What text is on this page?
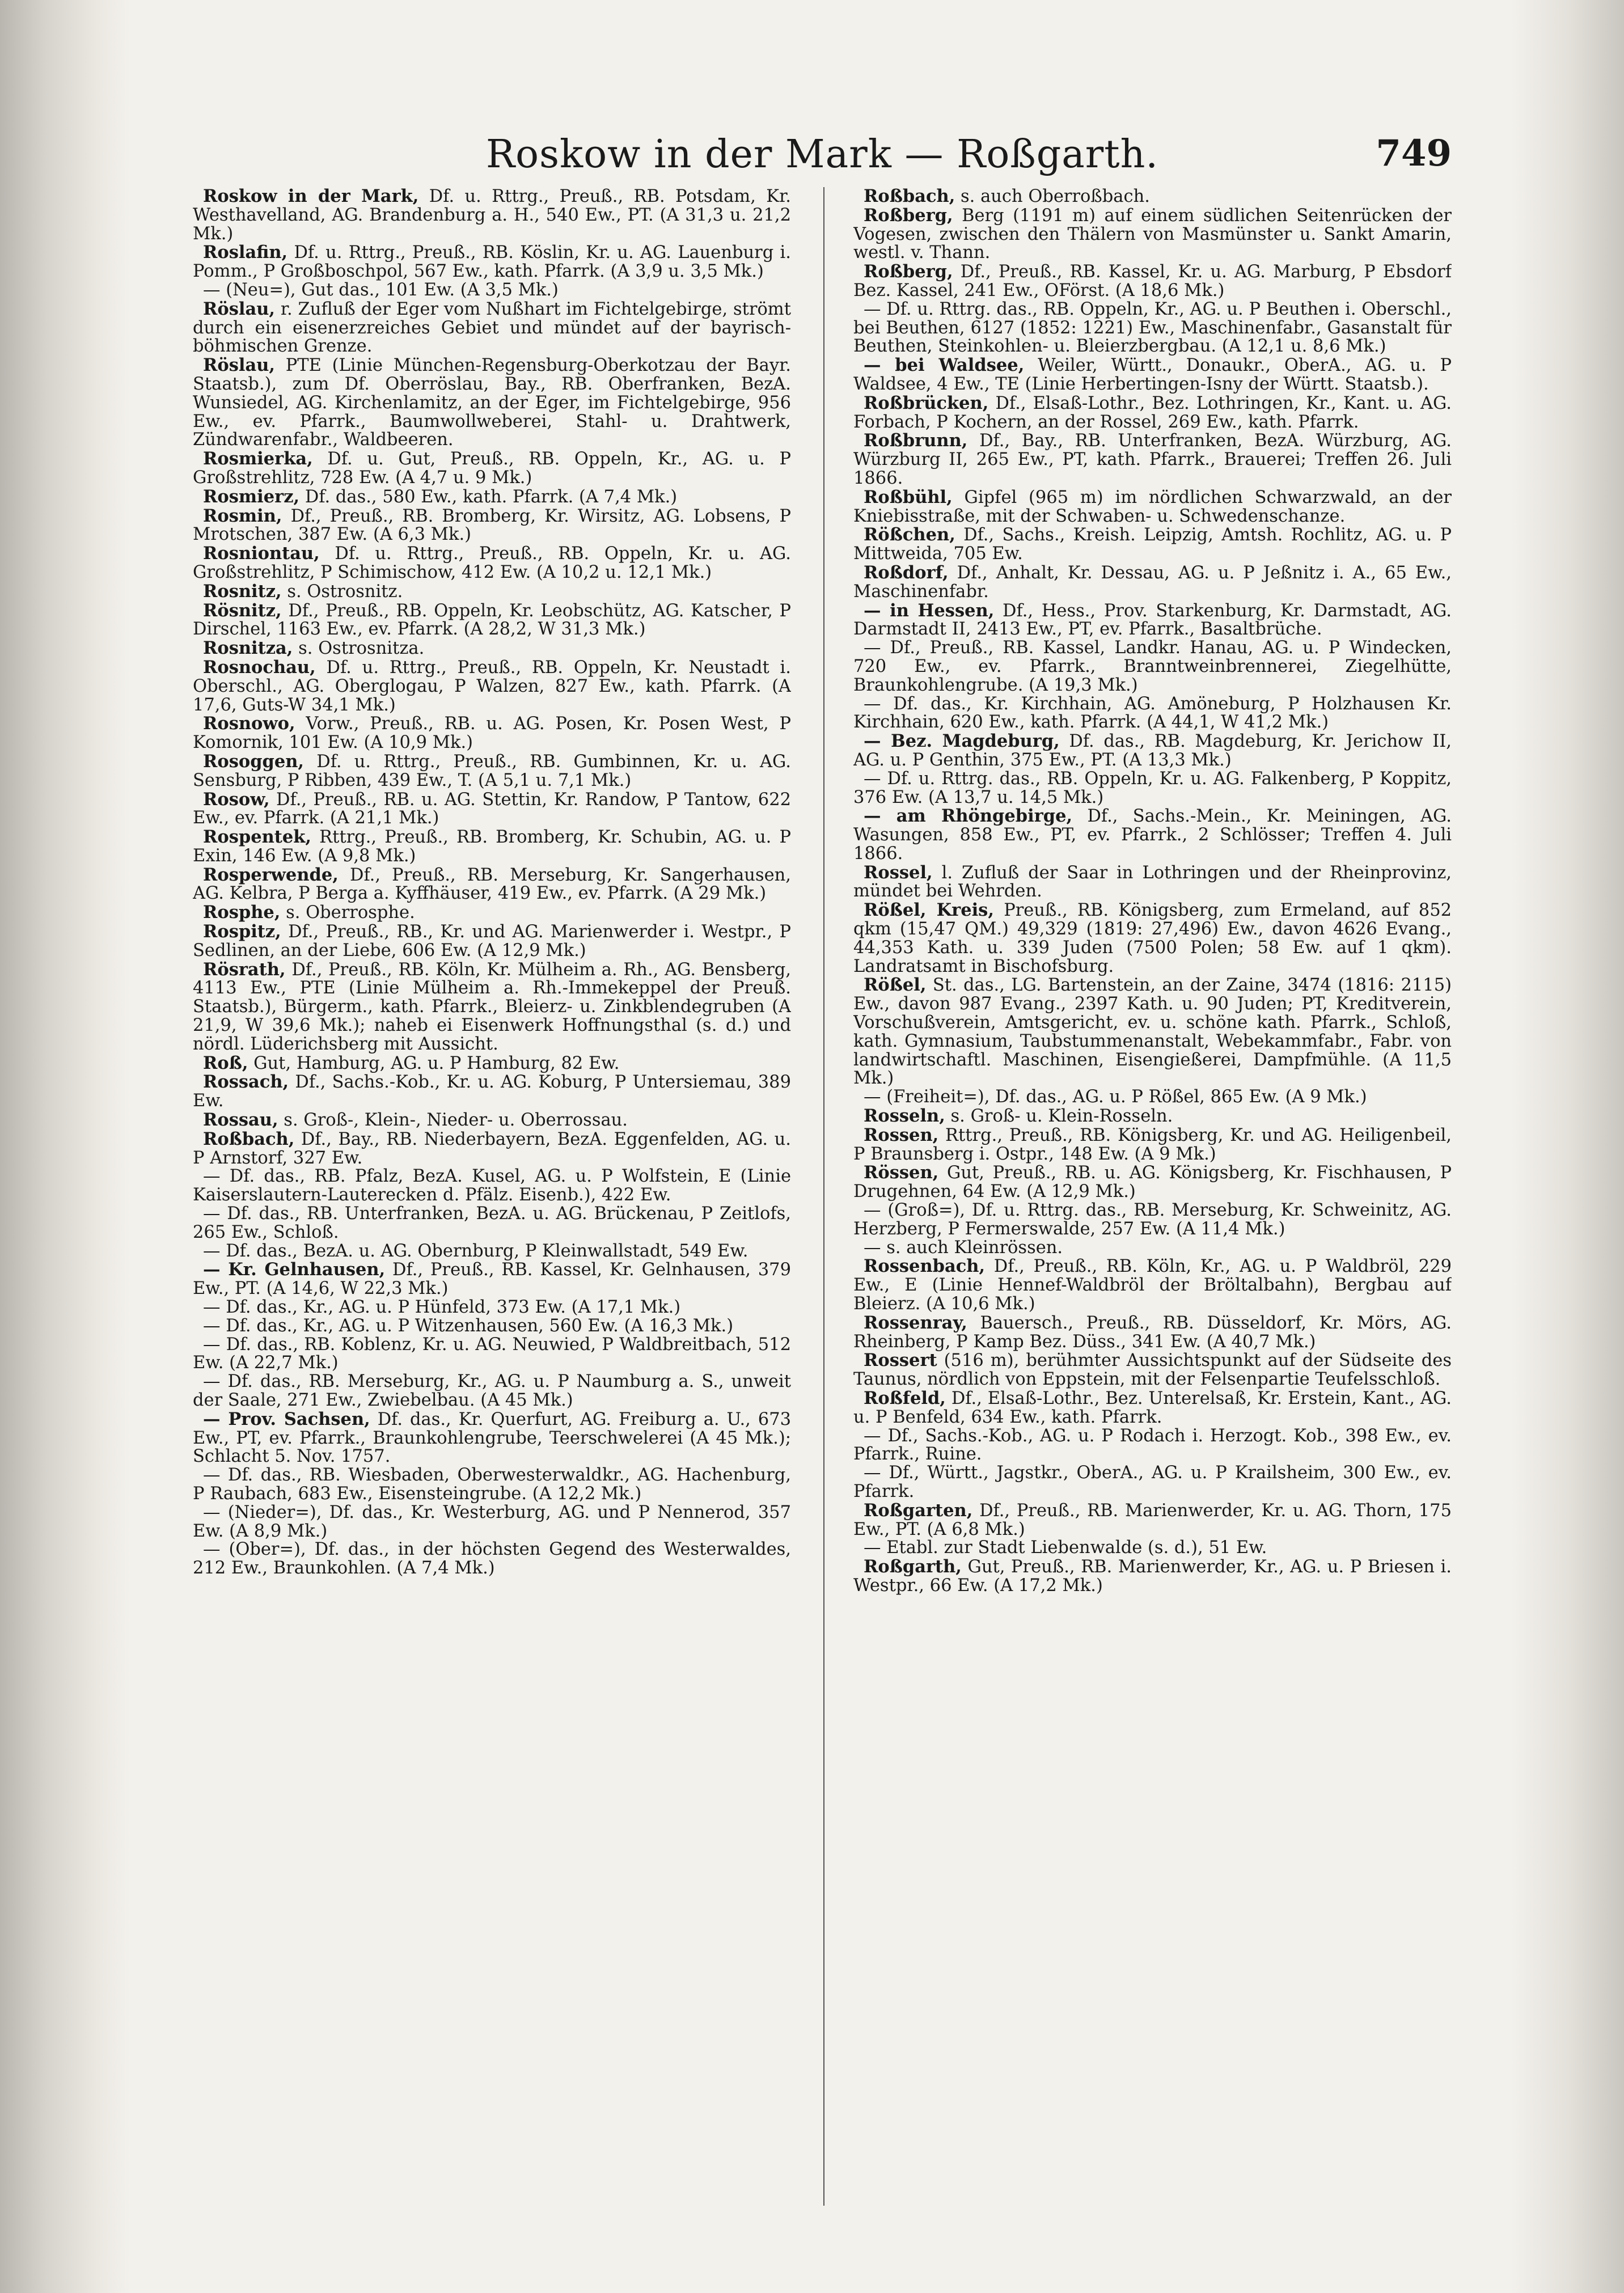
Roskow in der Mark — Roßgarth.	749

Roskow in der Mark, Df. u. Rttrg., Preuß., RB. Potsdam, Kr. Westhavelland, AG. Brandenburg a. H., 540 Ew., PT. (A 31,3 u. 21,2 Mk.)

Roslafin, Df. u. Rttrg., Preuß., RB. Köslin, Kr. u. AG. Lauenburg i. Pomm., P Großboschpol, 567 Ew., kath. Pfarrk. (A 3,9 u. 3,5 Mk.)

— (Neu=), Gut das., 101 Ew. (A 3,5 Mk.)

Röslau, r. Zufluß der Eger vom Nußhart im Fichtelgebirge, strömt durch ein eisenerzreiches Gebiet und mündet auf der bayrisch-böhmischen Grenze.

Röslau, PTE (Linie München-Regensburg-Oberkotzau der Bayr. Staatsb.), zum Df. Oberröslau, Bay., RB. Oberfranken, BezA. Wunsiedel, AG. Kirchenlamitz, an der Eger, im Fichtelgebirge, 956 Ew., ev. Pfarrk., Baumwollweberei, Stahl- u. Drahtwerk, Zündwarenfabr., Waldbeeren.

Rosmierka, Df. u. Gut, Preuß., RB. Oppeln, Kr., AG. u. P Großstrehlitz, 728 Ew. (A 4,7 u. 9 Mk.)

Rosmierz, Df. das., 580 Ew., kath. Pfarrk. (A 7,4 Mk.)

Rosmin, Df., Preuß., RB. Bromberg, Kr. Wirsitz, AG. Lobsens, P Mrotschen, 387 Ew. (A 6,3 Mk.)

Rosniontau, Df. u. Rttrg., Preuß., RB. Oppeln, Kr. u. AG. Großstrehlitz, P Schimischow, 412 Ew. (A 10,2 u. 12,1 Mk.)

Rosnitz, s. Ostrosnitz.

Rösnitz, Df., Preuß., RB. Oppeln, Kr. Leobschütz, AG. Katscher, P Dirschel, 1163 Ew., ev. Pfarrk. (A 28,2, W 31,3 Mk.)

Rosnitza, s. Ostrosnitza.

Rosnochau, Df. u. Rttrg., Preuß., RB. Oppeln, Kr. Neustadt i. Oberschl., AG. Oberglogau, P Walzen, 827 Ew., kath. Pfarrk. (A 17,6, Guts-W 34,1 Mk.)

Rosnowo, Vorw., Preuß., RB. u. AG. Posen, Kr. Posen West, P Komornik, 101 Ew. (A 10,9 Mk.)

Rosoggen, Df. u. Rttrg., Preuß., RB. Gumbinnen, Kr. u. AG. Sensburg, P Ribben, 439 Ew., T. (A 5,1 u. 7,1 Mk.)

Rosow, Df., Preuß., RB. u. AG. Stettin, Kr. Randow, P Tantow, 622 Ew., ev. Pfarrk. (A 21,1 Mk.)

Rospentek, Rttrg., Preuß., RB. Bromberg, Kr. Schubin, AG. u. P Exin, 146 Ew. (A 9,8 Mk.)

Rosperwende, Df., Preuß., RB. Merseburg, Kr. Sangerhausen, AG. Kelbra, P Berga a. Kyffhäuser, 419 Ew., ev. Pfarrk. (A 29 Mk.)

Rosphe, s. Oberrosphe.

Rospitz, Df., Preuß., RB., Kr. und AG. Marienwerder i. Westpr., P Sedlinen, an der Liebe, 606 Ew. (A 12,9 Mk.)

Rösrath, Df., Preuß., RB. Köln, Kr. Mülheim a. Rh., AG. Bensberg, 4113 Ew., PTE (Linie Mülheim a. Rh.-Immekeppel der Preuß. Staatsb.), Bürgerm., kath. Pfarrk., Bleierz- u. Zinkblendegruben (A 21,9, W 39,6 Mk.); naheb ei Eisenwerk Hoffnungsthal (s. d.) und nördl. Lüderichsberg mit Aussicht.

Roß, Gut, Hamburg, AG. u. P Hamburg, 82 Ew.

Rossach, Df., Sachs.-Kob., Kr. u. AG. Koburg, P Untersiemau, 389 Ew.

Rossau, s. Groß-, Klein-, Nieder- u. Oberrossau.

Roßbach, Df., Bay., RB. Niederbayern, BezA. Eggenfelden, AG. u. P Arnstorf, 327 Ew.

— Df. das., RB. Pfalz, BezA. Kusel, AG. u. P Wolfstein, E (Linie Kaiserslautern-Lauterecken d. Pfälz. Eisenb.), 422 Ew.

— Df. das., RB. Unterfranken, BezA. u. AG. Brückenau, P Zeitlofs, 265 Ew., Schloß.

— Df. das., BezA. u. AG. Obernburg, P Kleinwallstadt, 549 Ew.

— Kr. Gelnhausen, Df., Preuß., RB. Kassel, Kr. Gelnhausen, 379 Ew., PT. (A 14,6, W 22,3 Mk.)

— Df. das., Kr., AG. u. P Hünfeld, 373 Ew. (A 17,1 Mk.)

— Df. das., Kr., AG. u. P Witzenhausen, 560 Ew. (A 16,3 Mk.)

— Df. das., RB. Koblenz, Kr. u. AG. Neuwied, P Waldbreitbach, 512 Ew. (A 22,7 Mk.)

— Df. das., RB. Merseburg, Kr., AG. u. P Naumburg a. S., unweit der Saale, 271 Ew., Zwiebelbau. (A 45 Mk.)

— Prov. Sachsen, Df. das., Kr. Querfurt, AG. Freiburg a. U., 673 Ew., PT, ev. Pfarrk., Braunkohlengrube, Teerschwelerei (A 45 Mk.); Schlacht 5. Nov. 1757.

— Df. das., RB. Wiesbaden, Oberwesterwaldkr., AG. Hachenburg, P Raubach, 683 Ew., Eisensteingrube. (A 12,2 Mk.)

— (Nieder=), Df. das., Kr. Westerburg, AG. und P Nennerod, 357 Ew. (A 8,9 Mk.)

— (Ober=), Df. das., in der höchsten Gegend des Westerwaldes, 212 Ew., Braunkohlen. (A 7,4 Mk.)

Roßbach, s. auch Oberroßbach.

Roßberg, Berg (1191 m) auf einem südlichen Seitenrücken der Vogesen, zwischen den Thälern von Masmünster u. Sankt Amarin, westl. v. Thann.

Roßberg, Df., Preuß., RB. Kassel, Kr. u. AG. Marburg, P Ebsdorf Bez. Kassel, 241 Ew., OFörst. (A 18,6 Mk.)

— Df. u. Rttrg. das., RB. Oppeln, Kr., AG. u. P Beuthen i. Oberschl., bei Beuthen, 6127 (1852: 1221) Ew., Maschinenfabr., Gasanstalt für Beuthen, Steinkohlen- u. Bleierzbergbau. (A 12,1 u. 8,6 Mk.)

— bei Waldsee, Weiler, Württ., Donaukr., OberA., AG. u. P Waldsee, 4 Ew., TE (Linie Herbertingen-Isny der Württ. Staatsb.).

Roßbrücken, Df., Elsaß-Lothr., Bez. Lothringen, Kr., Kant. u. AG. Forbach, P Kochern, an der Rossel, 269 Ew., kath. Pfarrk.

Roßbrunn, Df., Bay., RB. Unterfranken, BezA. Würzburg, AG. Würzburg II, 265 Ew., PT, kath. Pfarrk., Brauerei; Treffen 26. Juli 1866.

Roßbühl, Gipfel (965 m) im nördlichen Schwarzwald, an der Kniebisstraße, mit der Schwaben- u. Schwedenschanze.

Rößchen, Df., Sachs., Kreish. Leipzig, Amtsh. Rochlitz, AG. u. P Mittweida, 705 Ew.

Roßdorf, Df., Anhalt, Kr. Dessau, AG. u. P Jeßnitz i. A., 65 Ew., Maschinenfabr.

— in Hessen, Df., Hess., Prov. Starkenburg, Kr. Darmstadt, AG. Darmstadt II, 2413 Ew., PT, ev. Pfarrk., Basaltbrüche.

— Df., Preuß., RB. Kassel, Landkr. Hanau, AG. u. P Windecken, 720 Ew., ev. Pfarrk., Branntweinbrennerei, Ziegelhütte, Braunkohlengrube. (A 19,3 Mk.)

— Df. das., Kr. Kirchhain, AG. Amöneburg, P Holzhausen Kr. Kirchhain, 620 Ew., kath. Pfarrk. (A 44,1, W 41,2 Mk.)

— Bez. Magdeburg, Df. das., RB. Magdeburg, Kr. Jerichow II, AG. u. P Genthin, 375 Ew., PT. (A 13,3 Mk.)

— Df. u. Rttrg. das., RB. Oppeln, Kr. u. AG. Falkenberg, P Koppitz, 376 Ew. (A 13,7 u. 14,5 Mk.)

— am Rhöngebirge, Df., Sachs.-Mein., Kr. Meiningen, AG. Wasungen, 858 Ew., PT, ev. Pfarrk., 2 Schlösser; Treffen 4. Juli 1866.

Rossel, l. Zufluß der Saar in Lothringen und der Rheinprovinz, mündet bei Wehrden.

Rößel, Kreis, Preuß., RB. Königsberg, zum Ermeland, auf 852 qkm (15,47 QM.) 49,329 (1819: 27,496) Ew., davon 4626 Evang., 44,353 Kath. u. 339 Juden (7500 Polen; 58 Ew. auf 1 qkm). Landratsamt in Bischofsburg.

Rößel, St. das., LG. Bartenstein, an der Zaine, 3474 (1816: 2115) Ew., davon 987 Evang., 2397 Kath. u. 90 Juden; PT, Kreditverein, Vorschußverein, Amtsgericht, ev. u. schöne kath. Pfarrk., Schloß, kath. Gymnasium, Taubstummenanstalt, Webekammfabr., Fabr. von landwirtschaftl. Maschinen, Eisengießerei, Dampfmühle. (A 11,5 Mk.)

— (Freiheit=), Df. das., AG. u. P Rößel, 865 Ew. (A 9 Mk.)

Rosseln, s. Groß- u. Klein-Rosseln.

Rossen, Rttrg., Preuß., RB. Königsberg, Kr. und AG. Heiligenbeil, P Braunsberg i. Ostpr., 148 Ew. (A 9 Mk.)

Rössen, Gut, Preuß., RB. u. AG. Königsberg, Kr. Fischhausen, P Drugehnen, 64 Ew. (A 12,9 Mk.)

— (Groß=), Df. u. Rttrg. das., RB. Merseburg, Kr. Schweinitz, AG. Herzberg, P Fermerswalde, 257 Ew. (A 11,4 Mk.)

— s. auch Kleinrössen.

Rossenbach, Df., Preuß., RB. Köln, Kr., AG. u. P Waldbröl, 229 Ew., E (Linie Hennef-Waldbröl der Bröltalbahn), Bergbau auf Bleierz. (A 10,6 Mk.)

Rossenray, Bauersch., Preuß., RB. Düsseldorf, Kr. Mörs, AG. Rheinberg, P Kamp Bez. Düss., 341 Ew. (A 40,7 Mk.)

Rossert (516 m), berühmter Aussichtspunkt auf der Südseite des Taunus, nördlich von Eppstein, mit der Felsenpartie Teufelsschloß.

Roßfeld, Df., Elsaß-Lothr., Bez. Unterelsaß, Kr. Erstein, Kant., AG. u. P Benfeld, 634 Ew., kath. Pfarrk.

— Df., Sachs.-Kob., AG. u. P Rodach i. Herzogt. Kob., 398 Ew., ev. Pfarrk., Ruine.

— Df., Württ., Jagstkr., OberA., AG. u. P Krailsheim, 300 Ew., ev. Pfarrk.

Roßgarten, Df., Preuß., RB. Marienwerder, Kr. u. AG. Thorn, 175 Ew., PT. (A 6,8 Mk.)

— Etabl. zur Stadt Liebenwalde (s. d.), 51 Ew.

Roßgarth, Gut, Preuß., RB. Marienwerder, Kr., AG. u. P Briesen i. Westpr., 66 Ew. (A 17,2 Mk.)
